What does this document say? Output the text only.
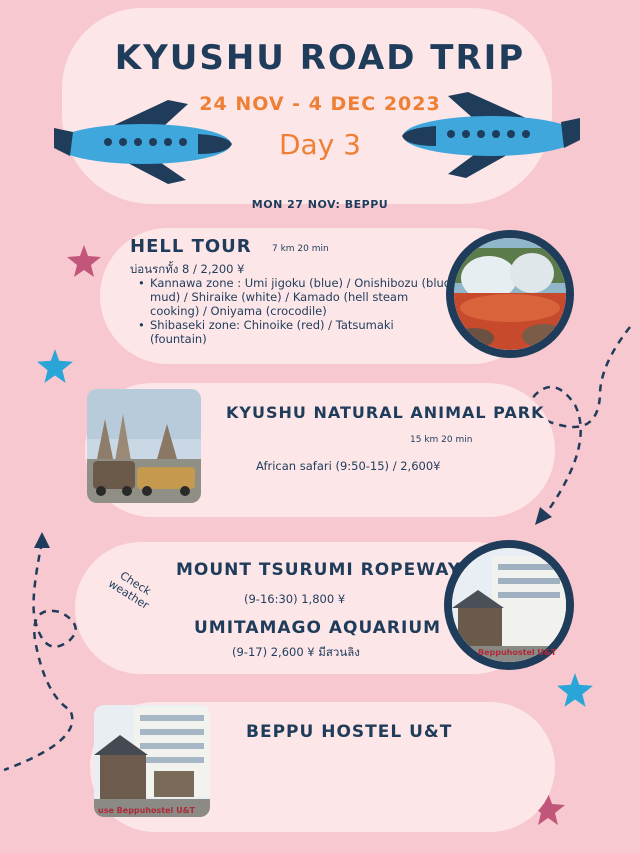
KYUSHU ROAD TRIP
24 NOV - 4 DEC 2023
Day 3
MON 27 NOV: BEPPU
HELL TOUR 7 km 20 min
บ่อนรกทั้ง 8 / 2,200 ¥
• Kannawa zone : Umi jigoku (blue) / Onishibozu (blud mud) / Shiraike (white) / Kamado (hell steam cooking) / Oniyama (crocodile)
• Shibaseki zone: Chinoike (red) / Tatsumaki (fountain)
KYUSHU NATURAL ANIMAL PARK
15 km 20 min
African safari (9:50-15) / 2,600¥
Check weather
MOUNT TSURUMI ROPEWAY
(9-16:30) 1,800 ¥
UMITAMAGO AQUARIUM
(9-17) 2,600 ¥ มีสวนลิง	Beppuhostel U&T
use Beppuhostel U&T
BEPPU HOSTEL U&T
